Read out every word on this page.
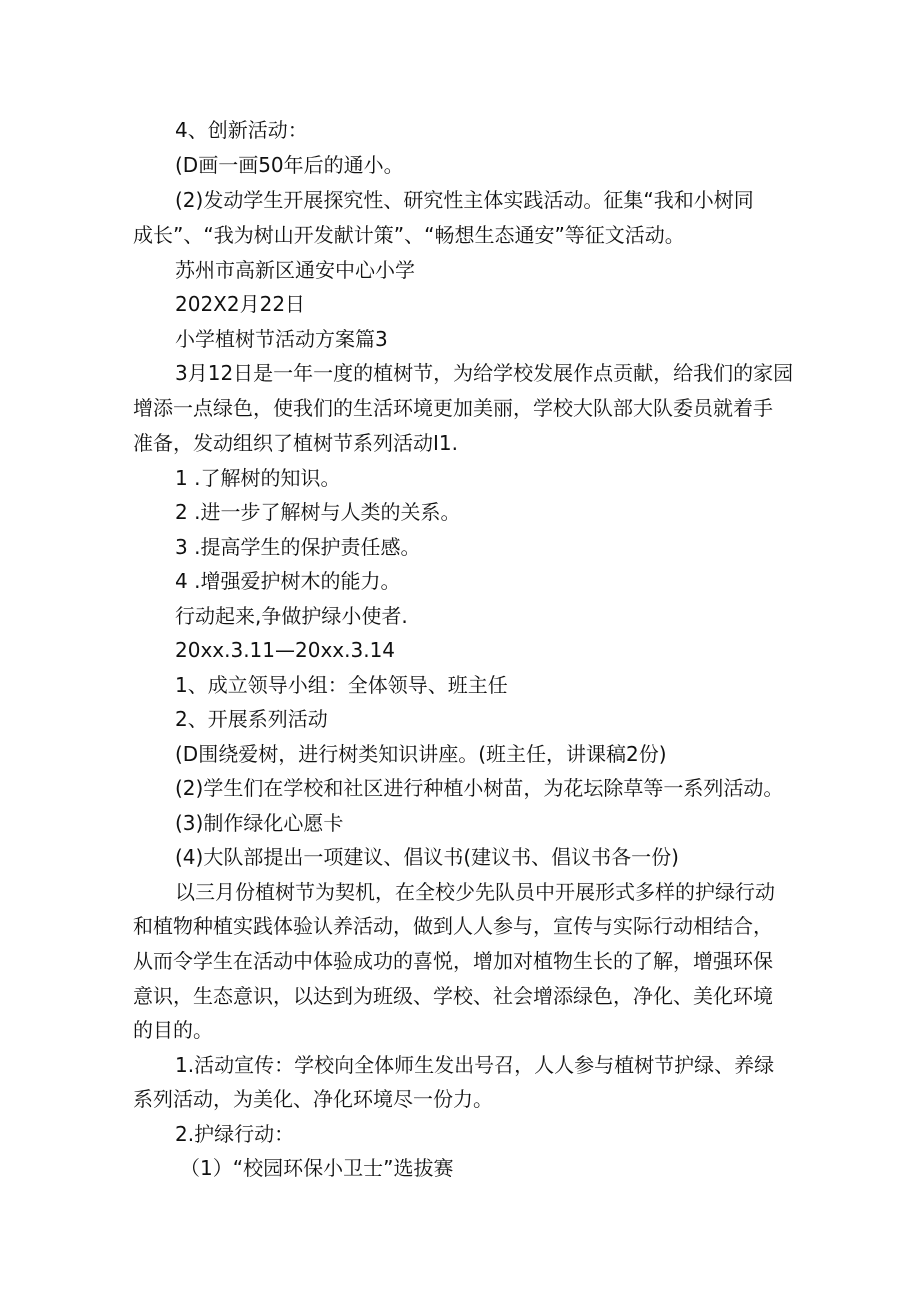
4、创新活动：
(D画一画50年后的通小。
(2)发动学生开展探究性、研究性主体实践活动。征集“我和小树同
成长”、“我为树山开发献计策”、“畅想生态通安”等征文活动。
苏州市高新区通安中心小学
202X2月22日
小学植树节活动方案篇3
3月12日是一年一度的植树节，为给学校发展作点贡献，给我们的家园
增添一点绿色，使我们的生活环境更加美丽，学校大队部大队委员就着手
准备，发动组织了植树节系列活动I1.
1 .了解树的知识。
2 .进一步了解树与人类的关系。
3 .提高学生的保护责任感。
4 .增强爱护树木的能力。
行动起来,争做护绿小使者.
20xx.3.11—20xx.3.14
1、成立领导小组：全体领导、班主任
2、开展系列活动
(D围绕爱树，进行树类知识讲座。(班主任，讲课稿2份)
(2)学生们在学校和社区进行种植小树苗，为花坛除草等一系列活动。
(3)制作绿化心愿卡
(4)大队部提出一项建议、倡议书(建议书、倡议书各一份)
以三月份植树节为契机，在全校少先队员中开展形式多样的护绿行动
和植物种植实践体验认养活动，做到人人参与，宣传与实际行动相结合，
从而令学生在活动中体验成功的喜悦，增加对植物生长的了解，增强环保
意识，生态意识，以达到为班级、学校、社会增添绿色，净化、美化环境
的目的。
1.活动宣传：学校向全体师生发出号召，人人参与植树节护绿、养绿
系列活动，为美化、净化环境尽一份力。
2.护绿行动：
（1）“校园环保小卫士”选拔赛
